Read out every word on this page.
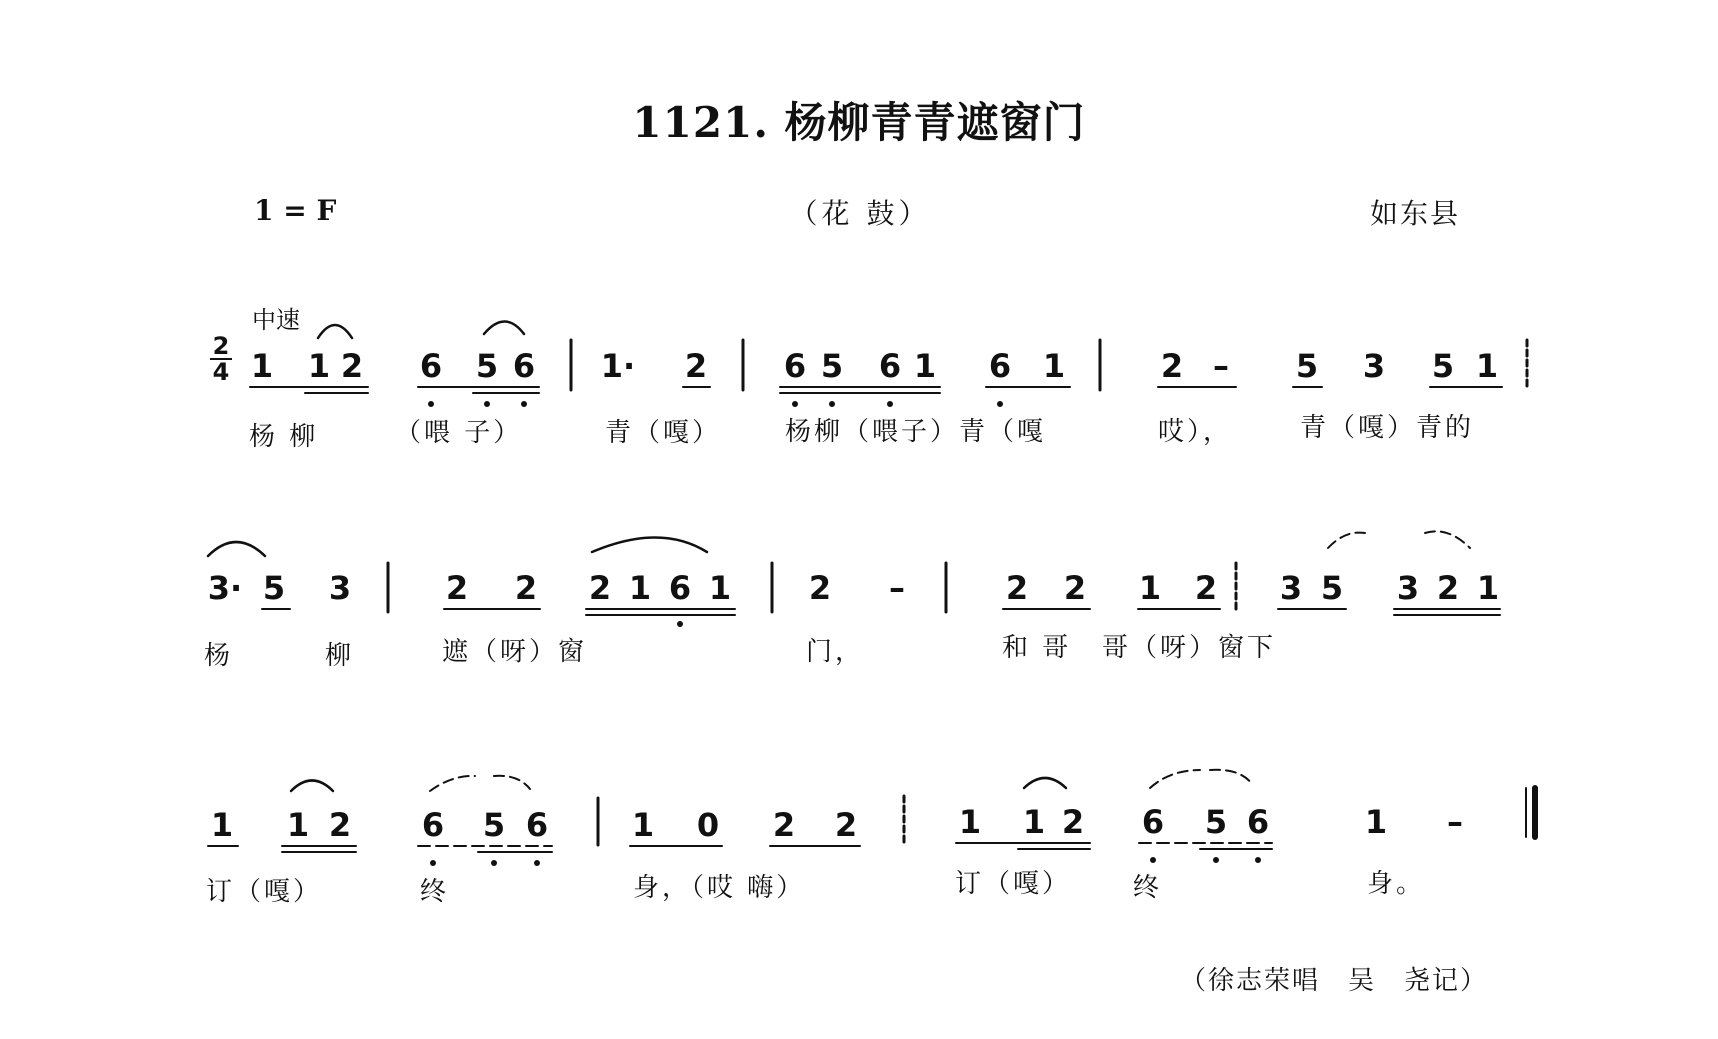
1121. 杨柳青青遮窗门
1 = F	（花 鼓）	如东县
中速
2
4 1 1 2 6 5 6 1· 2 6 5 6 1 6 1	2 – 5 3 5 1
杨 柳	（喂 子）	青（嘎） 杨柳（喂子）青（嘎	哎），	青（嘎）青的
3· 5 3	2 2 2 1 6 1 2 –	2 2 1 2 3 5 3 2 1
杨	柳	遮（呀）窗	门，	和 哥 哥（呀）窗下
1 1 2 6 5 6	1 0 2 2	1 1 2 6 5 6	1 –
订（嘎）	终	身，（哎 嗨）	订（嘎） 终	身。
（徐志荣唱　吴　尧记）
